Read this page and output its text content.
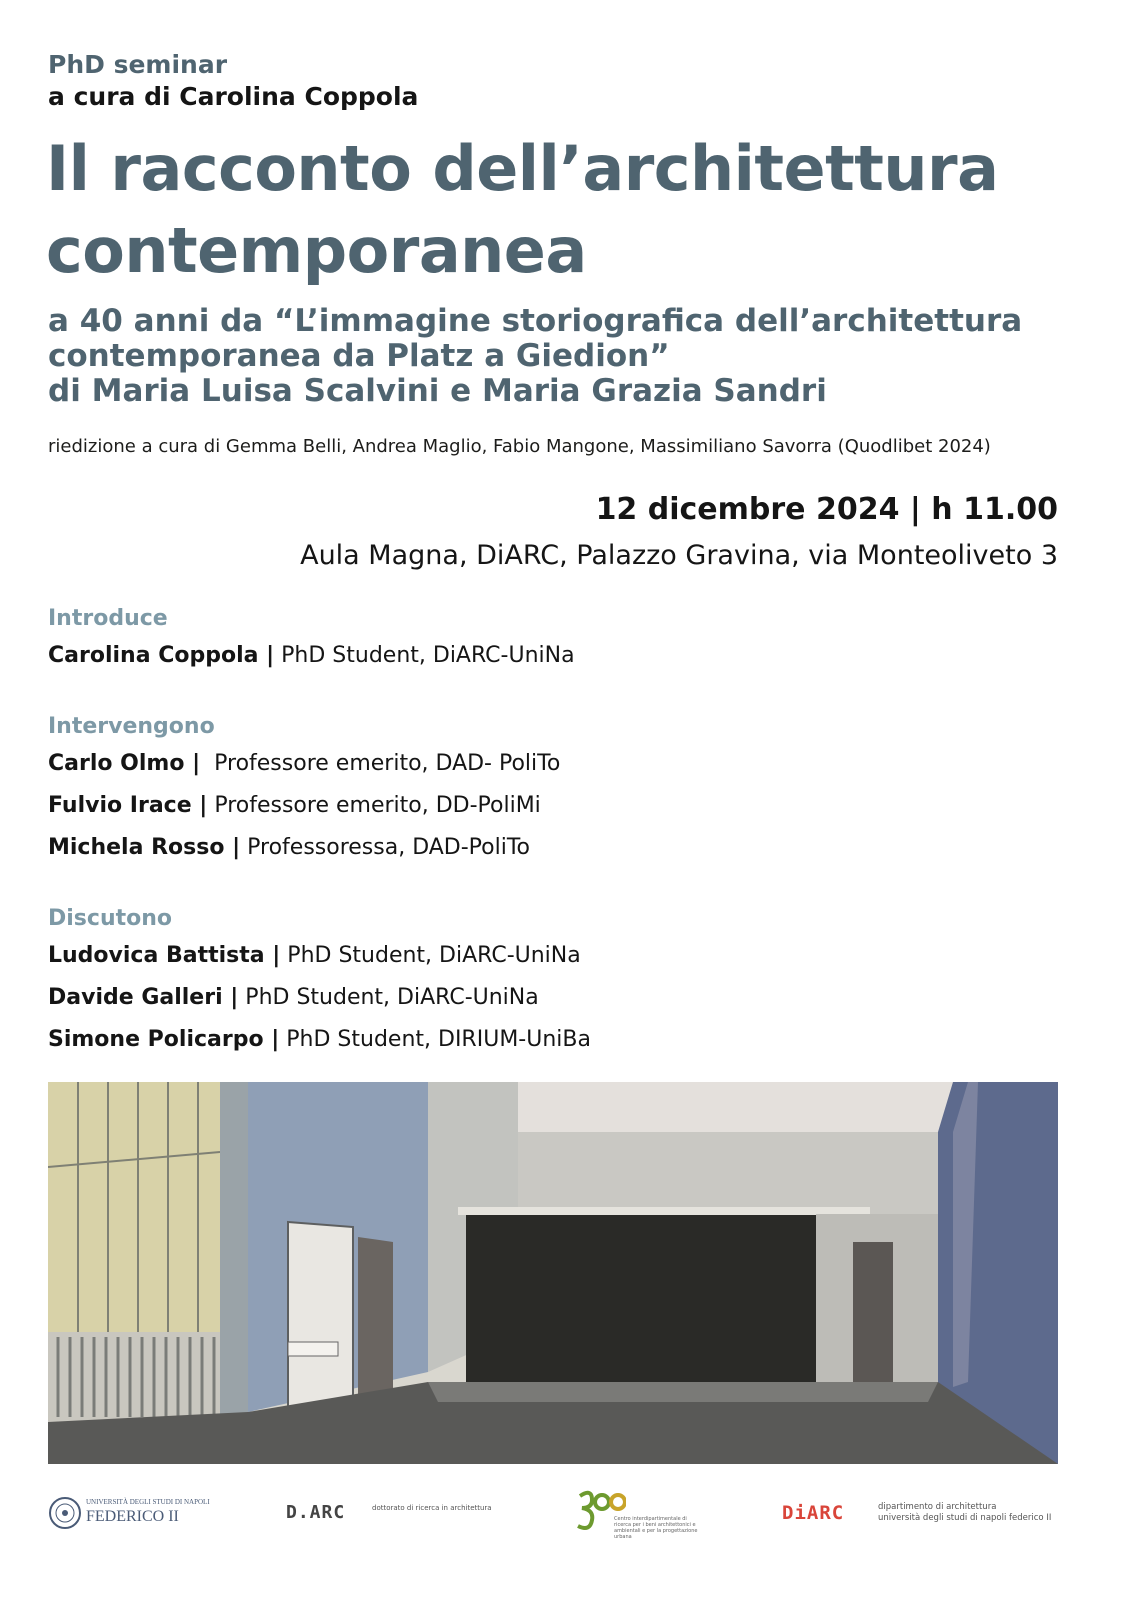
PhD seminar
a cura di Carolina Coppola
Il racconto dell’architettura
contemporanea
a 40 anni da “L’immagine storiografica dell’architettura
contemporanea da Platz a Giedion”
di Maria Luisa Scalvini e Maria Grazia Sandri
riedizione a cura di Gemma Belli, Andrea Maglio, Fabio Mangone, Massimiliano Savorra (Quodlibet 2024)
12 dicembre 2024 | h 11.00
Aula Magna, DiARC, Palazzo Gravina, via Monteoliveto 3
Introduce
Carolina Coppola | PhD Student, DiARC-UniNa
Intervengono
Carlo Olmo |  Professore emerito, DAD- PoliTo
Fulvio Irace | Professore emerito, DD-PoliMi
Michela Rosso | Professoressa, DAD-PoliTo
Discutono
Ludovica Battista | PhD Student, DiARC-UniNa
Davide Galleri | PhD Student, DiARC-UniNa
Simone Policarpo | PhD Student, DIRIUM-UniBa
UNIVERSITÀ DEGLI STUDI DI NAPOLI
FEDERICO II	D.ARC	dottorato di ricerca in architettura
Centro interdipartimentale di ricerca per i beni architettonici e ambientali e per la progettazione urbana
DiARC	dipartimento di architettura
università degli studi di napoli federico II
